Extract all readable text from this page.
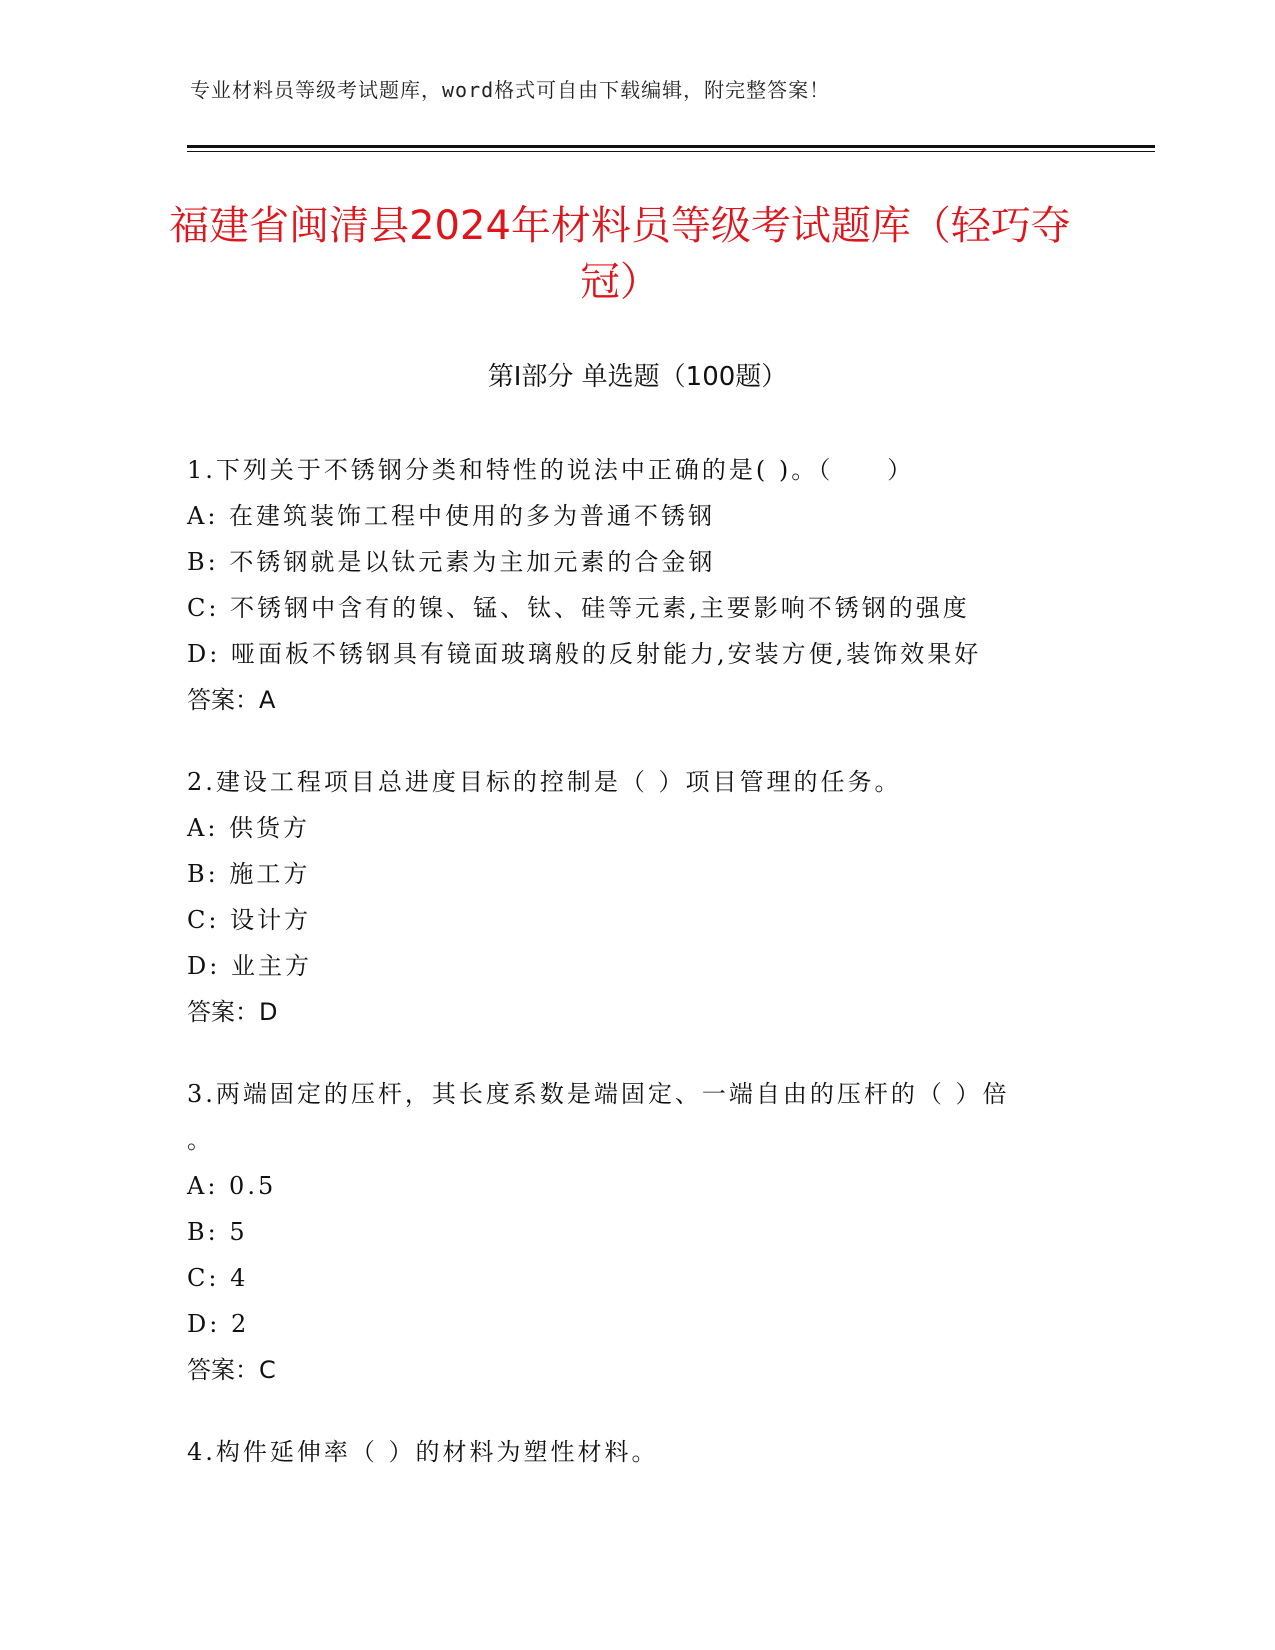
专业材料员等级考试题库，word格式可自由下载编辑，附完整答案！
福建省闽清县2024年材料员等级考试题库（轻巧夺冠）
第Ⅰ部分 单选题（100题）
1.下列关于不锈钢分类和特性的说法中正确的是( )。（　　）
A: 在建筑装饰工程中使用的多为普通不锈钢
B: 不锈钢就是以钛元素为主加元素的合金钢
C: 不锈钢中含有的镍、锰、钛、硅等元素,主要影响不锈钢的强度
D: 哑面板不锈钢具有镜面玻璃般的反射能力,安装方便,装饰效果好
答案：A
2.建设工程项目总进度目标的控制是（ ）项目管理的任务。
A: 供货方
B: 施工方
C: 设计方
D: 业主方
答案：D
3.两端固定的压杆，其长度系数是端固定、一端自由的压杆的（ ）倍
。
A: 0.5
B: 5
C: 4
D: 2
答案：C
4.构件延伸率（ ）的材料为塑性材料。
